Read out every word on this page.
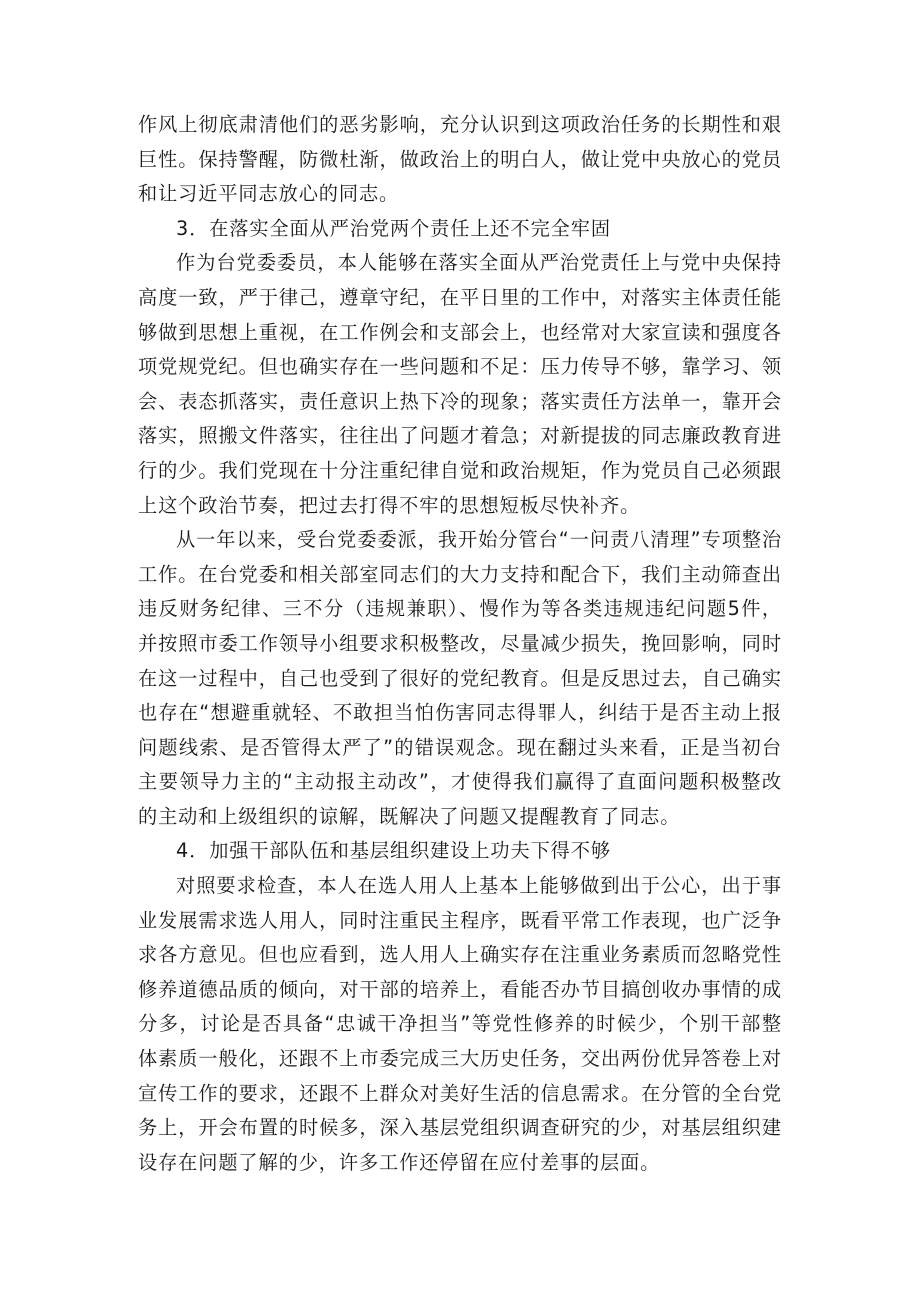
作风上彻底肃清他们的恶劣影响，充分认识到这项政治任务的长期性和艰巨性。保持警醒，防微杜渐，做政治上的明白人，做让党中央放心的党员和让习近平同志放心的同志。

3．在落实全面从严治党两个责任上还不完全牢固

作为台党委委员，本人能够在落实全面从严治党责任上与党中央保持高度一致，严于律己，遵章守纪，在平日里的工作中，对落实主体责任能够做到思想上重视，在工作例会和支部会上，也经常对大家宣读和强度各项党规党纪。但也确实存在一些问题和不足：压力传导不够，靠学习、领会、表态抓落实，责任意识上热下冷的现象；落实责任方法单一，靠开会落实，照搬文件落实，往往出了问题才着急；对新提拔的同志廉政教育进行的少。我们党现在十分注重纪律自觉和政治规矩，作为党员自己必须跟上这个政治节奏，把过去打得不牢的思想短板尽快补齐。

从一年以来，受台党委委派，我开始分管台“一问责八清理”专项整治工作。在台党委和相关部室同志们的大力支持和配合下，我们主动筛查出违反财务纪律、三不分（违规兼职）、慢作为等各类违规违纪问题5件，并按照市委工作领导小组要求积极整改，尽量减少损失，挽回影响，同时在这一过程中，自己也受到了很好的党纪教育。但是反思过去，自己确实也存在“想避重就轻、不敢担当怕伤害同志得罪人，纠结于是否主动上报问题线索、是否管得太严了”的错误观念。现在翻过头来看，正是当初台主要领导力主的“主动报主动改”，才使得我们赢得了直面问题积极整改的主动和上级组织的谅解，既解决了问题又提醒教育了同志。

4．加强干部队伍和基层组织建设上功夫下得不够

对照要求检查，本人在选人用人上基本上能够做到出于公心，出于事业发展需求选人用人，同时注重民主程序，既看平常工作表现，也广泛争求各方意见。但也应看到，选人用人上确实存在注重业务素质而忽略党性修养道德品质的倾向，对干部的培养上，看能否办节目搞创收办事情的成分多，讨论是否具备“忠诚干净担当”等党性修养的时候少，个别干部整体素质一般化，还跟不上市委完成三大历史任务，交出两份优异答卷上对宣传工作的要求，还跟不上群众对美好生活的信息需求。在分管的全台党务上，开会布置的时候多，深入基层党组织调查研究的少，对基层组织建设存在问题了解的少，许多工作还停留在应付差事的层面。
